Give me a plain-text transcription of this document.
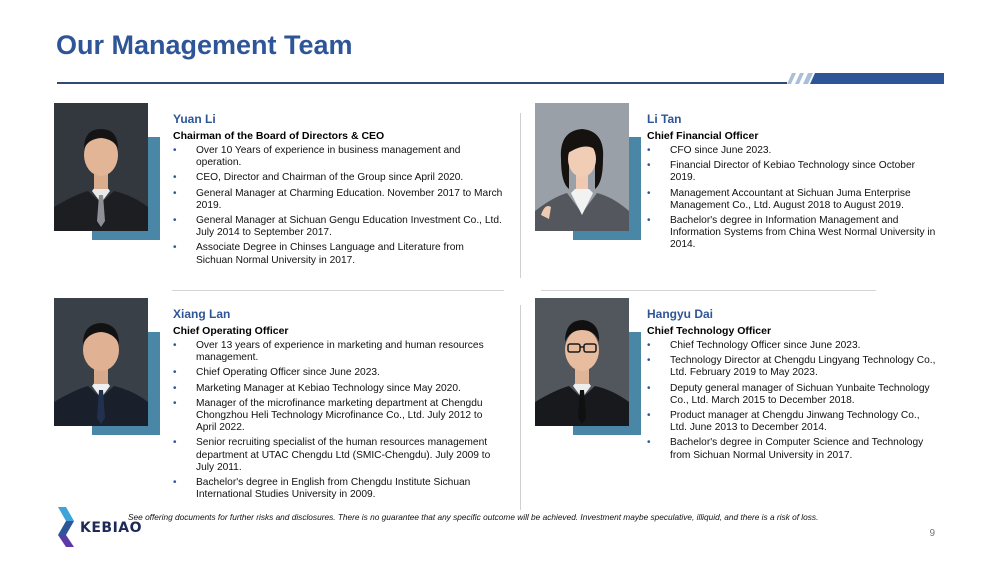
Our Management Team

Yuan Li

Chairman of the Board of Directors & CEO

• Over 10 Years of experience in business management and operation.
• CEO, Director and Chairman of the Group since April 2020.
• General Manager at Charming Education. November 2017 to March 2019.
• General Manager at Sichuan Gengu Education Investment Co., Ltd. July 2014 to September 2017.
• Associate Degree in Chinses Language and Literature from Sichuan Normal University in 2017.

Li Tan

Chief Financial Officer

• CFO since June 2023.
• Financial Director of Kebiao Technology since October 2019.
• Management Accountant at Sichuan Juma Enterprise Management Co., Ltd. August 2018 to August 2019.
• Bachelor's degree in Information Management and Information Systems from China West Normal University in 2014.

Xiang Lan

Chief Operating Officer

• Over 13 years of experience in marketing and human resources management.
• Chief Operating Officer since June 2023.
• Marketing Manager at Kebiao Technology since May 2020.
• Manager of the microfinance marketing department at Chengdu Chongzhou Heli Technology Microfinance Co., Ltd. July 2012 to April 2022.
• Senior recruiting specialist of the human resources management department at UTAC Chengdu Ltd (SMIC-Chengdu). July 2009 to July 2011.
• Bachelor's degree in English from Chengdu Institute Sichuan International Studies University in 2009.

Hangyu Dai

Chief Technology Officer

• Chief Technology Officer since June 2023.
• Technology Director at Chengdu Lingyang Technology Co., Ltd. February 2019 to May 2023.
• Deputy general manager of Sichuan Yunbaite Technology Co., Ltd. March 2015 to December 2018.
• Product manager at Chengdu Jinwang Technology Co., Ltd. June 2013 to December 2014.
• Bachelor's degree in Computer Science and Technology from Sichuan Normal University in 2017.
KEBIAO
See offering documents for further risks and disclosures. There is no guarantee that any specific outcome will be achieved. Investment maybe speculative, illiquid, and there is a risk of loss.
9
